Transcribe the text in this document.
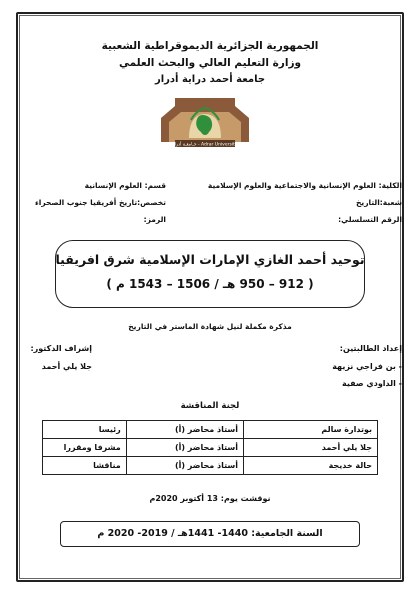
الجمهورية الجزائرية الديموقراطية الشعبية
وزارة التعليم العالي والبحث العلمي
جامعة أحمد دراية أدرار
جـامعـة أدرار - Adrar University
الكلية: العلوم الإنسانية والاجتماعية والعلوم الإسلامية
قسم: العلوم الإنسانية
شعبة:التاريخ
تخصص:تاريخ أفريقيا جنوب الصحراء
الرقم التسلسلي:
الرمز:
توحيد أحمد الغازي الإمارات الإسلامية شرق افريقيا
( 912 – 950 هـ / 1506 – 1543 م )
مذكرة مكملة لنيل شهادة الماستر في التاريخ
إعداد الطالبتين:
إشراف الدكتور:
- بن فراجي نزيهة
جلا يلي أحمد
- الداودي صفية
لجنة المناقشة
بوتدارة سالم	أستاذ محاضر (أ)	رئيسا
جلا يلي أحمد	أستاذ محاضر (أ)	مشرفا ومقررا
حالة خديجة	أستاذ محاضر (أ)	مناقشا
نوقشت يوم: 13 أكتوبر 2020م
السنة الجامعية: 1440- 1441هـ / 2019- 2020 م
